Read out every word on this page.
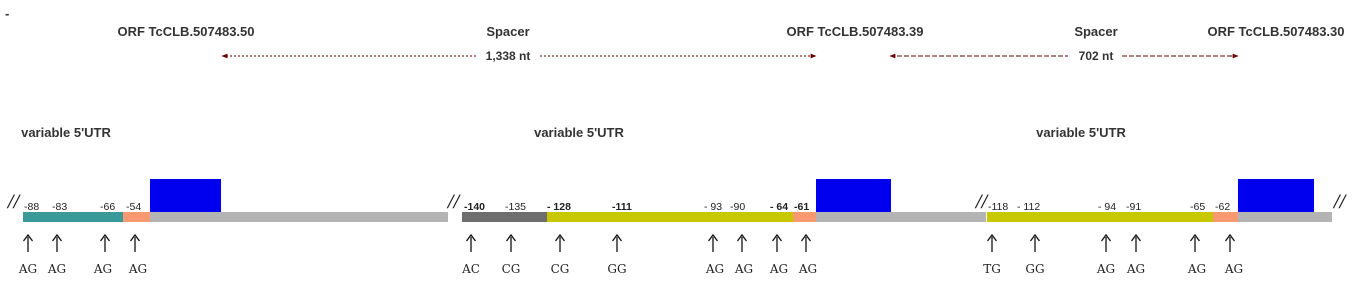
-
ORF TcCLB.507483.50	Spacer	ORF TcCLB.507483.39	Spacer	ORF TcCLB.507483.30
1,338 nt	702 nt
variable 5'UTR	variable 5'UTR	variable 5'UTR
//	//	//	//
-88 -83	-66 -54	-140 -135 - 128	-111	- 93 -90 - 64 -61	-118 - 112	- 94 -91	-65 -62
AG AG AG AG	AC CG	CG	GG	AG AG AG AG	TG GG	AG AG	AG AG
